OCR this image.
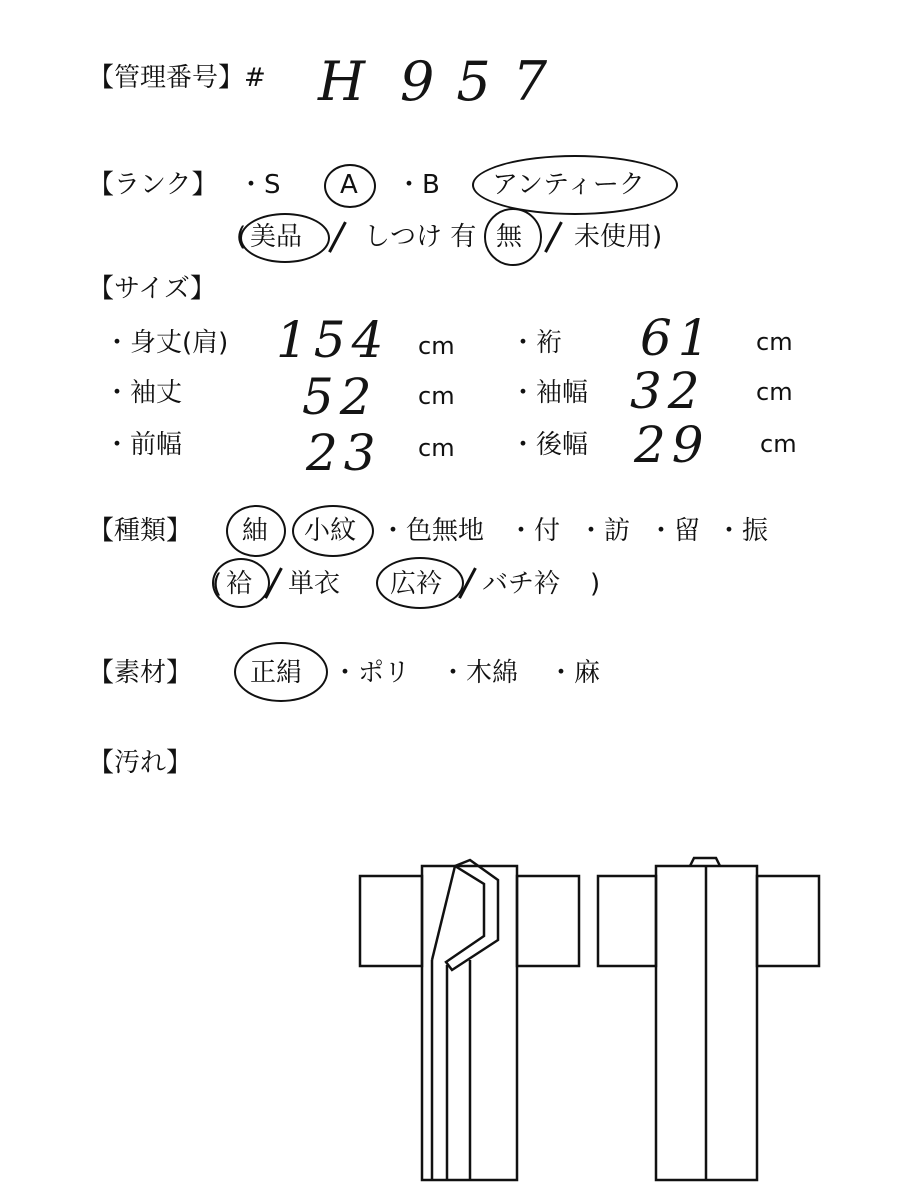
【管理番号】# H 957
【ランク】 ・S A ・B アンティーク
( 美品 しつけ 有 無 未使用)
【サイズ】
・身丈(肩) 154 cm ・裄 61 cm
・袖丈 52 cm ・袖幅 32 cm
・前幅 23 cm ・後幅 29 cm
【種類】 紬 小紋 ・色無地 ・付 ・訪 ・留 ・振
( 袷 単衣 広衿 バチ衿 )
【素材】 正絹 ・ポリ ・木綿 ・麻
【汚れ】
